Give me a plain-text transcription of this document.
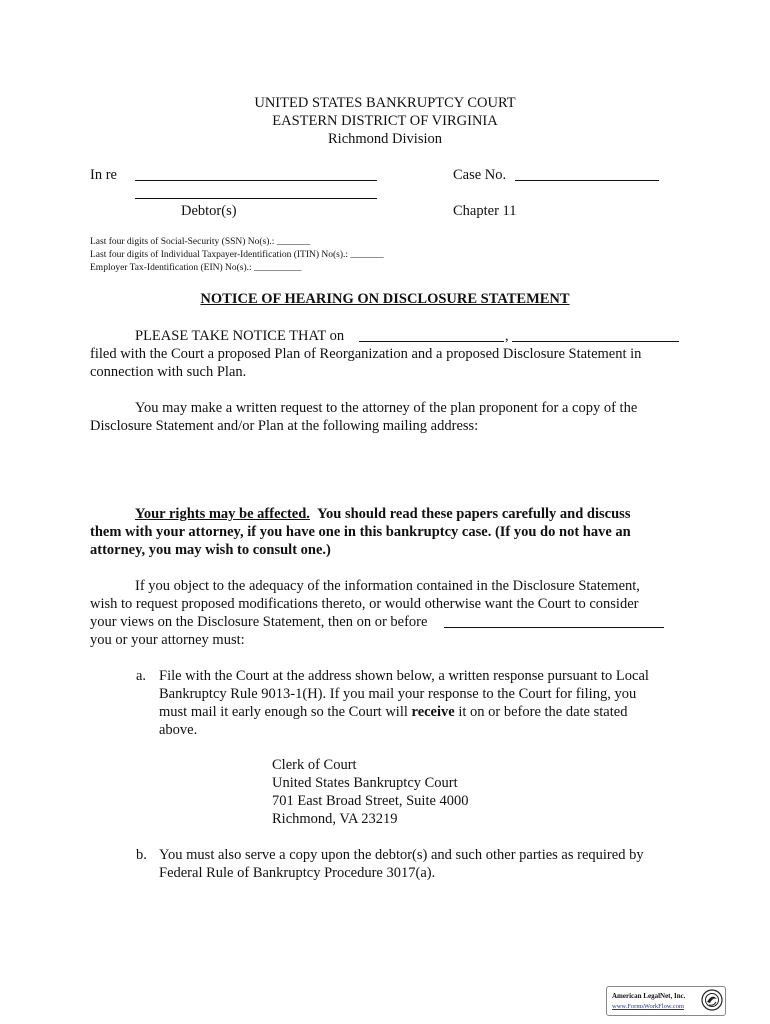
UNITED STATES BANKRUPTCY COURT
EASTERN DISTRICT OF VIRGINIA
Richmond Division
In re
Debtor(s)
Case No.
Chapter 11
Last four digits of Social-Security (SSN) No(s).: _______
Last four digits of Individual Taxpayer-Identification (ITIN) No(s).: _______
Employer Tax-Identification (EIN) No(s).: __________
NOTICE OF HEARING ON DISCLOSURE STATEMENT
PLEASE TAKE NOTICE THAT on	,
filed with the Court a proposed Plan of Reorganization and a proposed Disclosure Statement in
connection with such Plan.
You may make a written request to the attorney of the plan proponent for a copy of the
Disclosure Statement and/or Plan at the following mailing address:
Your rights may be affected. You should read these papers carefully and discuss
them with your attorney, if you have one in this bankruptcy case. (If you do not have an
attorney, you may wish to consult one.)
If you object to the adequacy of the information contained in the Disclosure Statement,
wish to request proposed modifications thereto, or would otherwise want the Court to consider
your views on the Disclosure Statement, then on or before
you or your attorney must:
a. File with the Court at the address shown below, a written response pursuant to Local
Bankruptcy Rule 9013-1(H). If you mail your response to the Court for filing, you
must mail it early enough so the Court will receive it on or before the date stated
above.
Clerk of Court
United States Bankruptcy Court
701 East Broad Street, Suite 4000
Richmond, VA 23219
b. You must also serve a copy upon the debtor(s) and such other parties as required by
Federal Rule of Bankruptcy Procedure 3017(a).
American LegalNet, Inc.
www.FormsWorkFlow.com
